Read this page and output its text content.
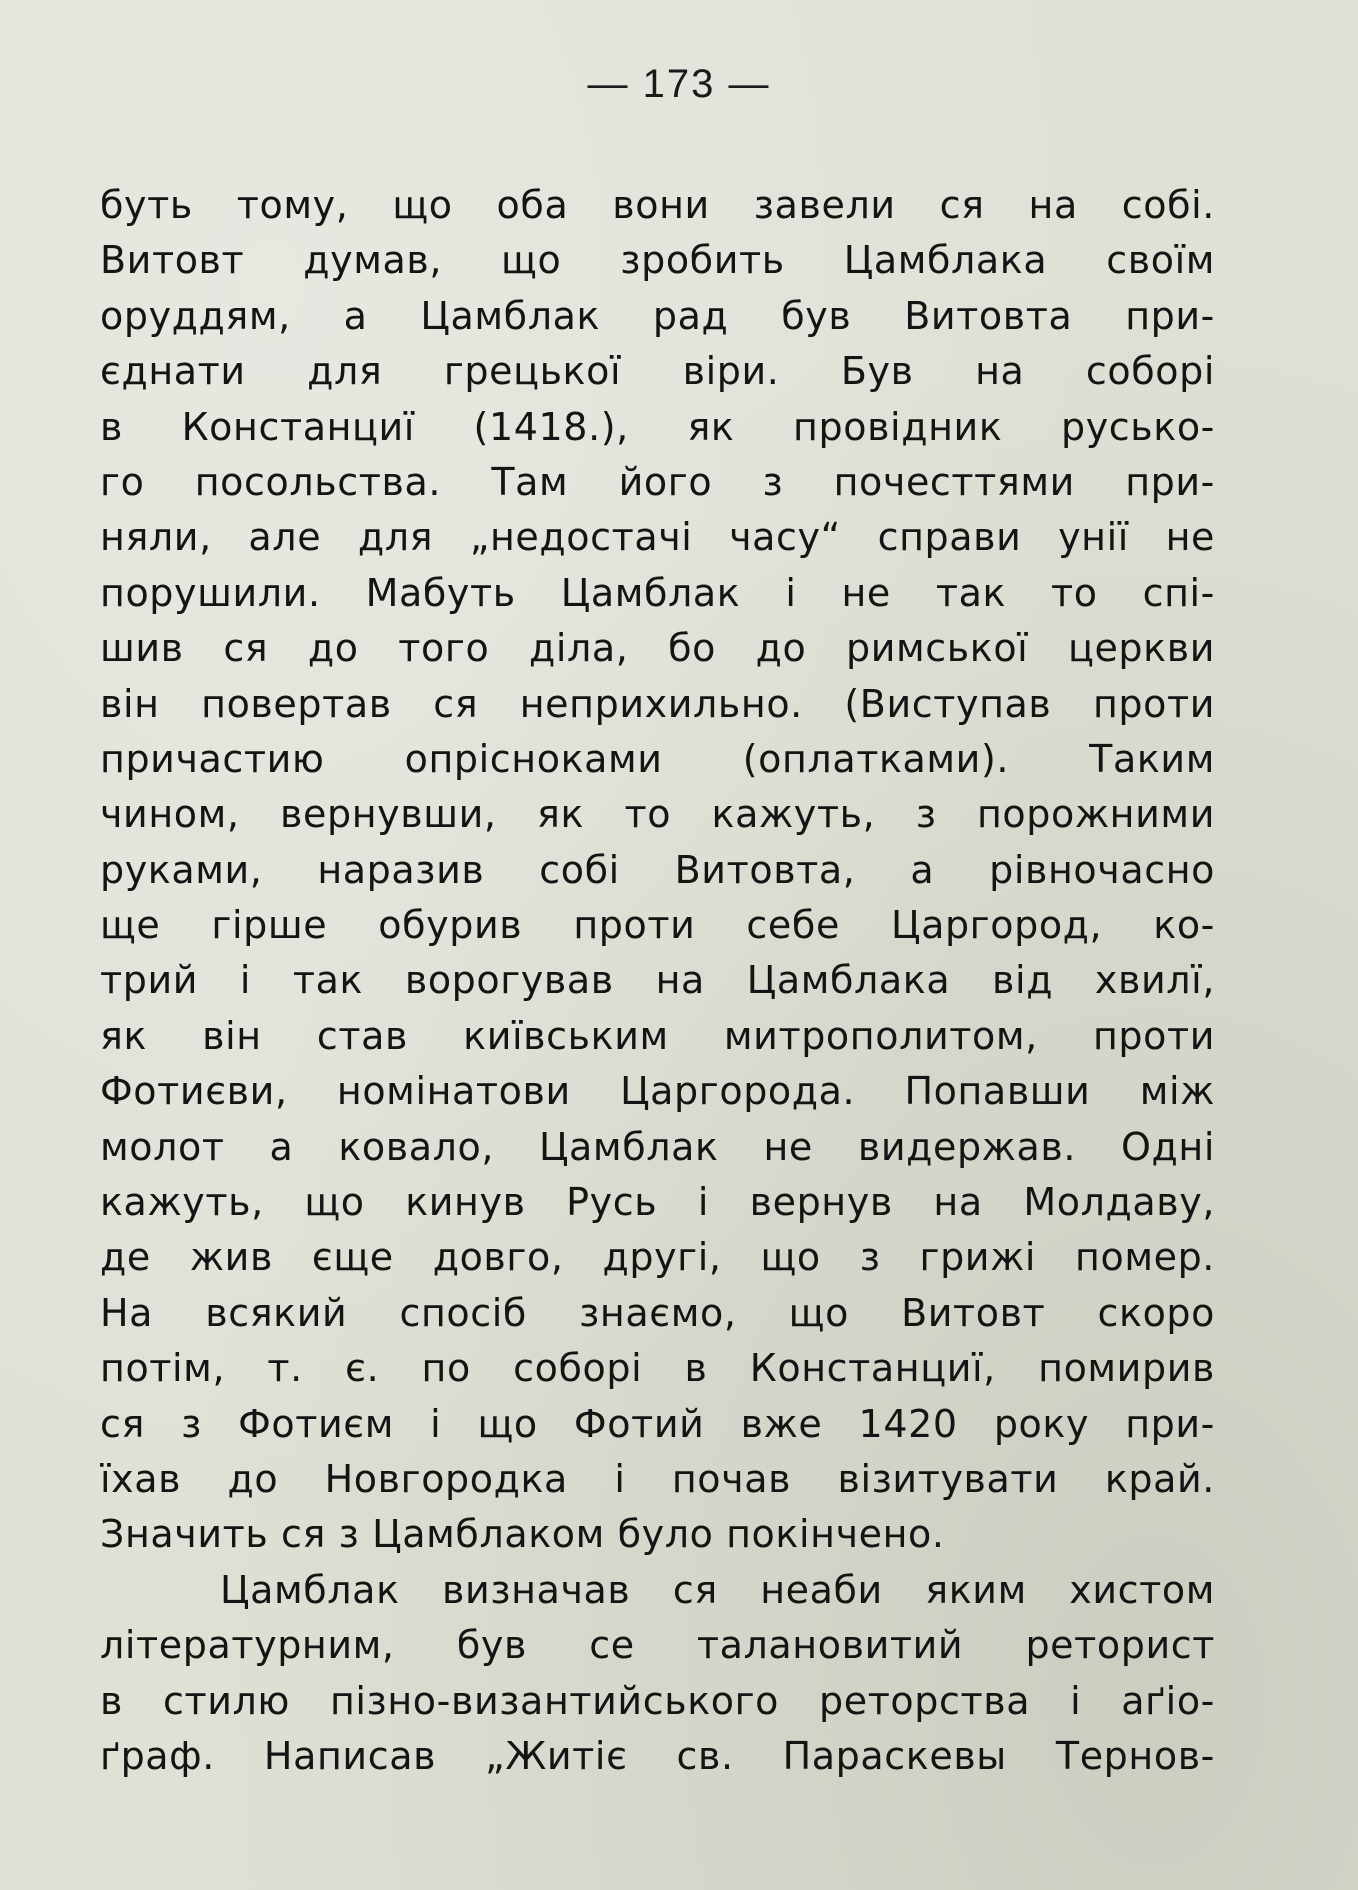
— 173 —
буть тому, що оба вони завели ся на собі.
Витовт думав, що зробить Цамблака своїм
оруддям, а Цамблак рад був Витовта при-
єднати для грецької віри. Був на соборі
в Констанциї (1418.), як провідник русько-
го посольства. Там його з почесттями при-
няли, але для „недостачі часу“ справи унії не
порушили. Мабуть Цамблак і не так то спі-
шив ся до того діла, бо до римської церкви
він повертав ся неприхильно. (Виступав проти
причастию опрісноками (оплатками). Таким
чином, вернувши, як то кажуть, з порожними
руками, наразив собі Витовта, а рівночасно
ще гірше обурив проти себе Царгород, ко-
трий і так ворогував на Цамблака від хвилї,
як він став київським митрополитом, проти
Фотиєви, номінатови Царгорода. Попавши між
молот а ковало, Цамблак не видержав. Одні
кажуть, що кинув Русь і вернув на Молдаву,
де жив єще довго, другі, що з грижі помер.
На всякий спосіб знаємо, що Витовт скоро
потім, т. є. по соборі в Констанциї, помирив
ся з Фотиєм і що Фотий вже 1420 року при-
їхав до Новгородка і почав візитувати край.
Значить ся з Цамблаком було покінчено.
Цамблак визначав ся неаби яким хистом
літературним, був се талановитий реторист
в стилю пізно-византийського реторства і аґіо-
ґраф. Написав „Житіє св. Параскевы Тернов-
